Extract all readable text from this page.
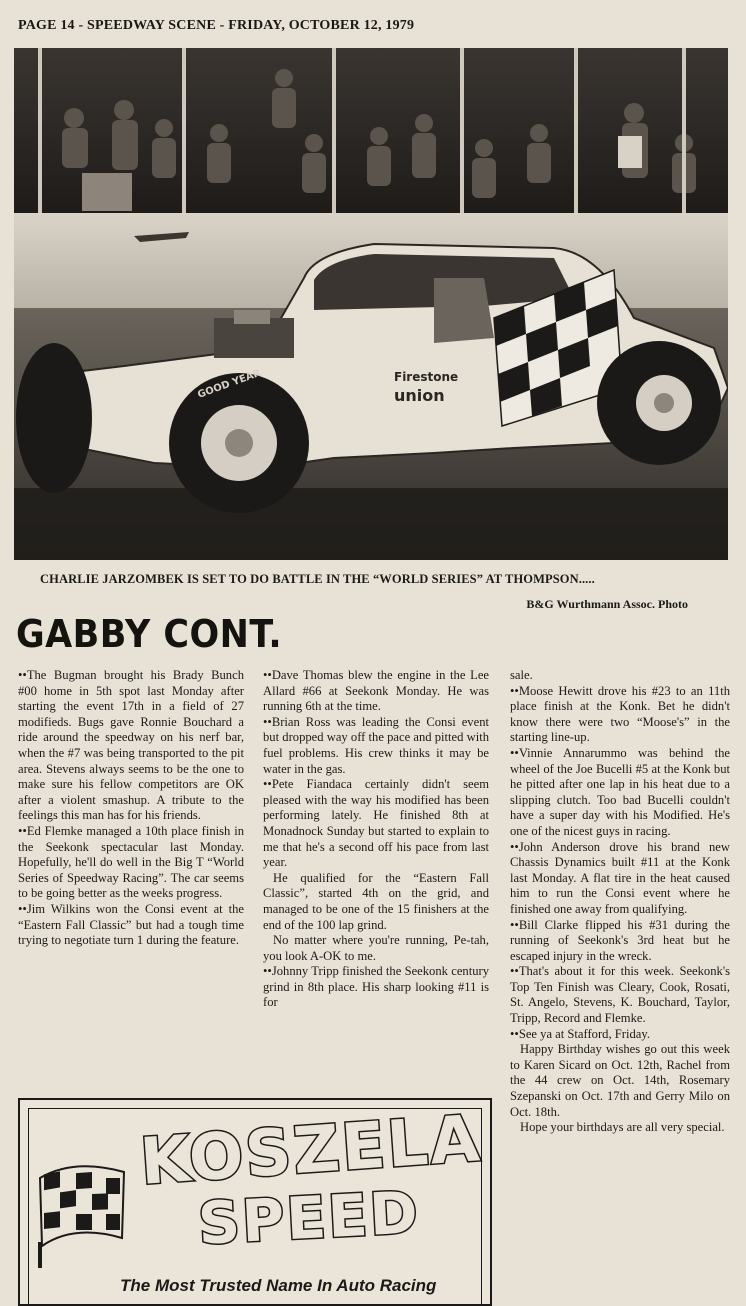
PAGE 14 - SPEEDWAY SCENE - FRIDAY, OCTOBER 12, 1979
Firestone
union
GOOD YEAR
CHARLIE JARZOMBEK IS SET TO DO BATTLE IN THE “WORLD SERIES” AT THOMPSON.....
B&G Wurthmann Assoc. Photo
GABBY CONT.

••The Bugman brought his Brady Bunch #00 home in 5th spot last Monday after starting the event 17th in a field of 27 modifieds. Bugs gave Ronnie Bouchard a ride around the speedway on his nerf bar, when the #7 was being transported to the pit area. Stevens always seems to be the one to make sure his fellow competitors are OK after a violent smashup. A tribute to the feelings this man has for his friends.

••Ed Flemke managed a 10th place finish in the Seekonk spectacular last Monday. Hopefully, he'll do well in the Big T “World Series of Speedway Racing”. The car seems to be going better as the weeks progress.

••Jim Wilkins won the Consi event at the “Eastern Fall Classic” but had a tough time trying to negotiate turn 1 during the feature.

••Dave Thomas blew the engine in the Lee Allard #66 at Seekonk Monday. He was running 6th at the time.

••Brian Ross was leading the Consi event but dropped way off the pace and pitted with fuel problems. His crew thinks it may be water in the gas.

••Pete Fiandaca certainly didn't seem pleased with the way his modified has been performing lately. He finished 8th at Monadnock Sunday but started to explain to me that he's a second off his pace from last year.

He qualified for the “Eastern Fall Classic”, started 4th on the grid, and managed to be one of the 15 finishers at the end of the 100 lap grind.

No matter where you're running, Pe-tah, you look A-OK to me.

••Johnny Tripp finished the Seekonk century grind in 8th place. His sharp looking #11 is for

sale.

••Moose Hewitt drove his #23 to an 11th place finish at the Konk. Bet he didn't know there were two “Moose's” in the starting line-up.

••Vinnie Annarummo was behind the wheel of the Joe Bucelli #5 at the Konk but he pitted after one lap in his heat due to a slipping clutch. Too bad Bucelli couldn't have a super day with his Modified. He's one of the nicest guys in racing.

••John Anderson drove his brand new Chassis Dynamics built #11 at the Konk last Monday. A flat tire in the heat caused him to run the Consi event where he finished one away from qualifying.

••Bill Clarke flipped his #31 during the running of Seekonk's 3rd heat but he escaped injury in the wreck.

••That's about it for this week. Seekonk's Top Ten Finish was Cleary, Cook, Rosati, St. Angelo, Stevens, K. Bouchard, Taylor, Tripp, Record and Flemke.

••See ya at Stafford, Friday.

Happy Birthday wishes go out this week to Karen Sicard on Oct. 12th, Rachel from the 44 crew on Oct. 14th, Rosemary Szepanski on Oct. 17th and Gerry Milo on Oct. 18th.

Hope your birthdays are all very special.

KOSZELA
SPEED
The Most Trusted Name In Auto Racing
